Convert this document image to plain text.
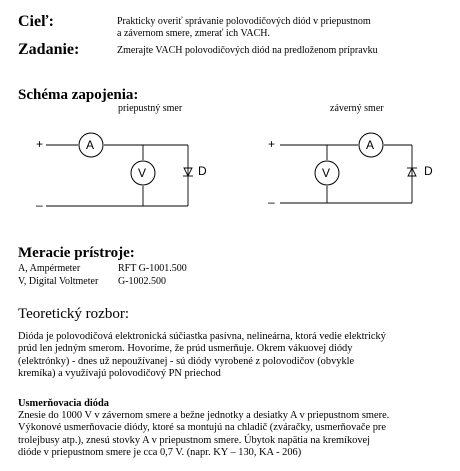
Cieľ:	Prakticky overiť správanie polovodičových diód v priepustnom
a závernom smere, zmerať ich VACH.
Zadanie:	Zmerajte VACH polovodičových diód na predloženom prípravku
Schéma zapojenia:
priepustný smer	záverný smer
+
–
A
V	D
+
–
A
V	D
Meracie prístroje:
A, Ampérmeter	RFT G-1001.500
V, Digital Voltmeter G-1002.500
Teoretický rozbor:
Dióda je polovodičová elektronická súčiastka pasívna, nelineárna, ktorá vedie elektrický
prúd len jedným smerom. Hovoríme, že prúd usmerňuje. Okrem vákuovej diódy
(elektrónky) - dnes už nepoužívanej - sú diódy vyrobené z polovodičov (obvykle
kremíka) a využívajú polovodičový PN priechod
Usmerňovacia dióda
Znesie do 1000 V v závernom smere a bežne jednotky a desiatky A v priepustnom smere.
Výkonové usmerňovacie diódy, ktoré sa montujú na chladič (zváračky, usmerňovače pre
trolejbusy atp.), znesú stovky A v priepustnom smere. Úbytok napätia na kremíkovej
dióde v priepustnom smere je cca 0,7 V. (napr. KY – 130, KA - 206)
